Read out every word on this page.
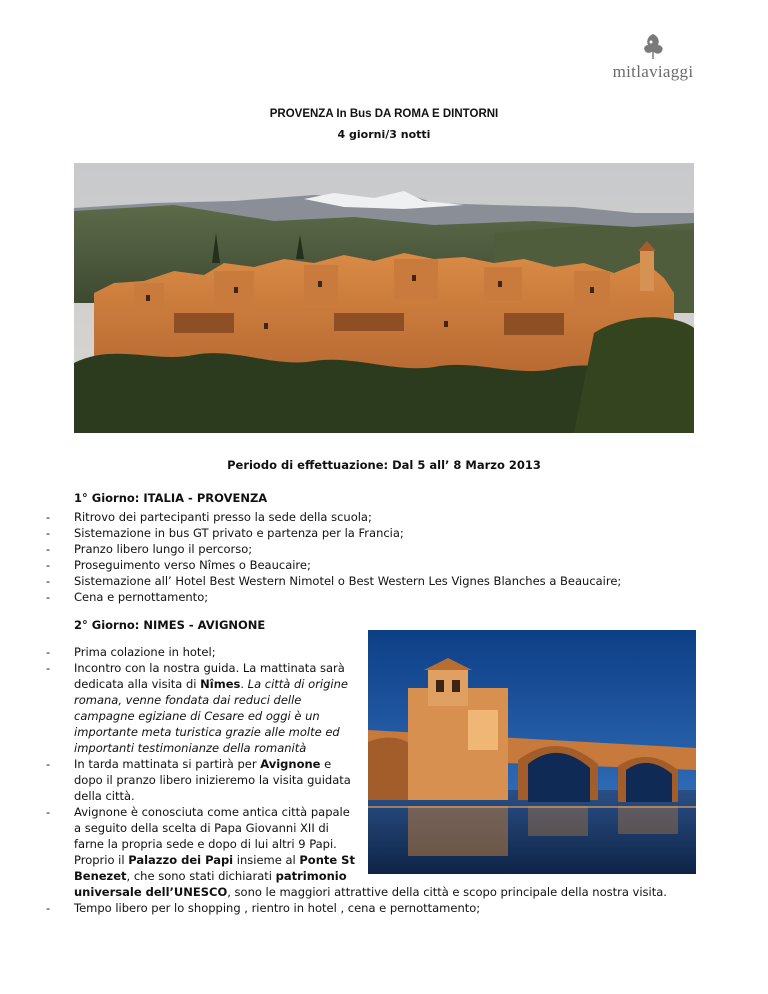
mitlaviaggi
PROVENZA In Bus DA ROMA E DINTORNI
4 giorni/3 notti
Periodo di effettuazione: Dal 5 all’ 8 Marzo 2013
1° Giorno: ITALIA - PROVENZA
- Ritrovo dei partecipanti presso la sede della scuola;
- Sistemazione in bus GT privato e partenza per la Francia;
- Pranzo libero lungo il percorso;
- Proseguimento verso Nîmes o Beaucaire;
- Sistemazione all’ Hotel Best Western Nimotel o Best Western Les Vignes Blanches a Beaucaire;
- Cena e pernottamento;
2° Giorno: NIMES - AVIGNONE
- Prima colazione in hotel;
- Incontro con la nostra guida. La mattinata sarà
dedicata alla visita di Nîmes. La città di origine
romana, venne fondata dai reduci delle
campagne egiziane di Cesare ed oggi è un
importante meta turistica grazie alle molte ed
importanti testimonianze della romanità
- In tarda mattinata si partirà per Avignone e
dopo il pranzo libero inizieremo la visita guidata
della città.
- Avignone è conosciuta come antica città papale
a seguito della scelta di Papa Giovanni XII di
farne la propria sede e dopo di lui altri 9 Papi.
Proprio il Palazzo dei Papi insieme al Ponte St
Benezet, che sono stati dichiarati patrimonio
universale dell’UNESCO, sono le maggiori attrattive della città e scopo principale della nostra visita.
- Tempo libero per lo shopping , rientro in hotel , cena e pernottamento;
